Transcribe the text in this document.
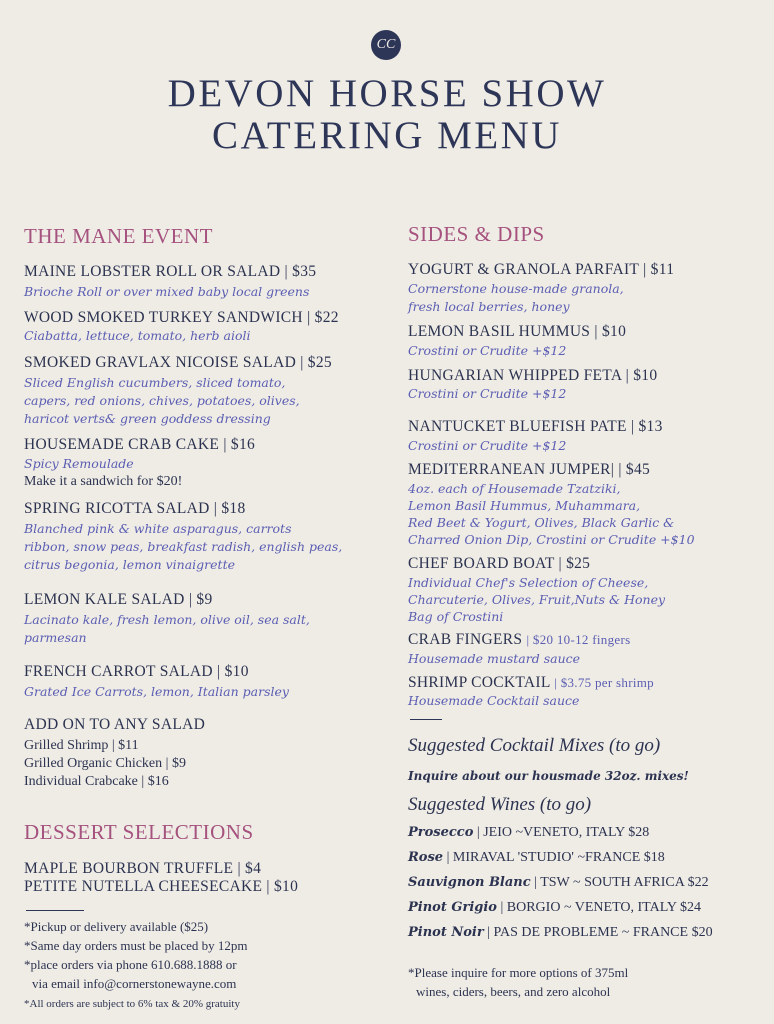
CC
DEVON HORSE SHOW
CATERING MENU
THE MANE EVENT
MAINE LOBSTER ROLL OR SALAD | $35
Brioche Roll or over mixed baby local greens
WOOD SMOKED TURKEY SANDWICH | $22
Ciabatta, lettuce, tomato, herb aioli
SMOKED GRAVLAX NICOISE SALAD | $25
Sliced English cucumbers, sliced tomato,
capers, red onions, chives, potatoes, olives,
haricot verts& green goddess dressing
HOUSEMADE CRAB CAKE | $16
Spicy Remoulade
Make it a sandwich for $20!
SPRING RICOTTA SALAD | $18
Blanched pink & white asparagus, carrots
ribbon, snow peas, breakfast radish, english peas,
citrus begonia, lemon vinaigrette
LEMON KALE SALAD | $9
Lacinato kale, fresh lemon, olive oil, sea salt,
parmesan
FRENCH CARROT SALAD | $10
Grated Ice Carrots, lemon, Italian parsley
ADD ON TO ANY SALAD
Grilled Shrimp | $11
Grilled Organic Chicken | $9
Individual Crabcake | $16
DESSERT SELECTIONS
MAPLE BOURBON TRUFFLE | $4
PETITE NUTELLA CHEESECAKE | $10
*Pickup or delivery available ($25)
*Same day orders must be placed by 12pm
*place orders via phone 610.688.1888 or
via email info@cornerstonewayne.com
*All orders are subject to 6% tax & 20% gratuity
SIDES & DIPS
YOGURT & GRANOLA PARFAIT | $11
Cornerstone house-made granola,
fresh local berries, honey
LEMON BASIL HUMMUS | $10
Crostini or Crudite +$12
HUNGARIAN WHIPPED FETA | $10
Crostini or Crudite +$12
NANTUCKET BLUEFISH PATE | $13
Crostini or Crudite +$12
MEDITERRANEAN JUMPER| | $45
4oz. each of Housemade Tzatziki,
Lemon Basil Hummus, Muhammara,
Red Beet & Yogurt, Olives, Black Garlic &
Charred Onion Dip, Crostini or Crudite +$10
CHEF BOARD BOAT | $25
Individual Chef's Selection of Cheese,
Charcuterie, Olives, Fruit,Nuts & Honey
Bag of Crostini
CRAB FINGERS | $20 10-12 fingers
Housemade mustard sauce
SHRIMP COCKTAIL | $3.75 per shrimp
Housemade Cocktail sauce
Suggested Cocktail Mixes (to go)
Inquire about our housmade 32oz. mixes!
Suggested Wines (to go)
Prosecco | JEIO ~VENETO, ITALY $28
Rose | MIRAVAL 'STUDIO' ~FRANCE $18
Sauvignon Blanc | TSW ~ SOUTH AFRICA $22
Pinot Grigio | BORGIO ~ VENETO, ITALY $24
Pinot Noir | PAS DE PROBLEME ~ FRANCE $20
*Please inquire for more options of 375ml
wines, ciders, beers, and zero alcohol
